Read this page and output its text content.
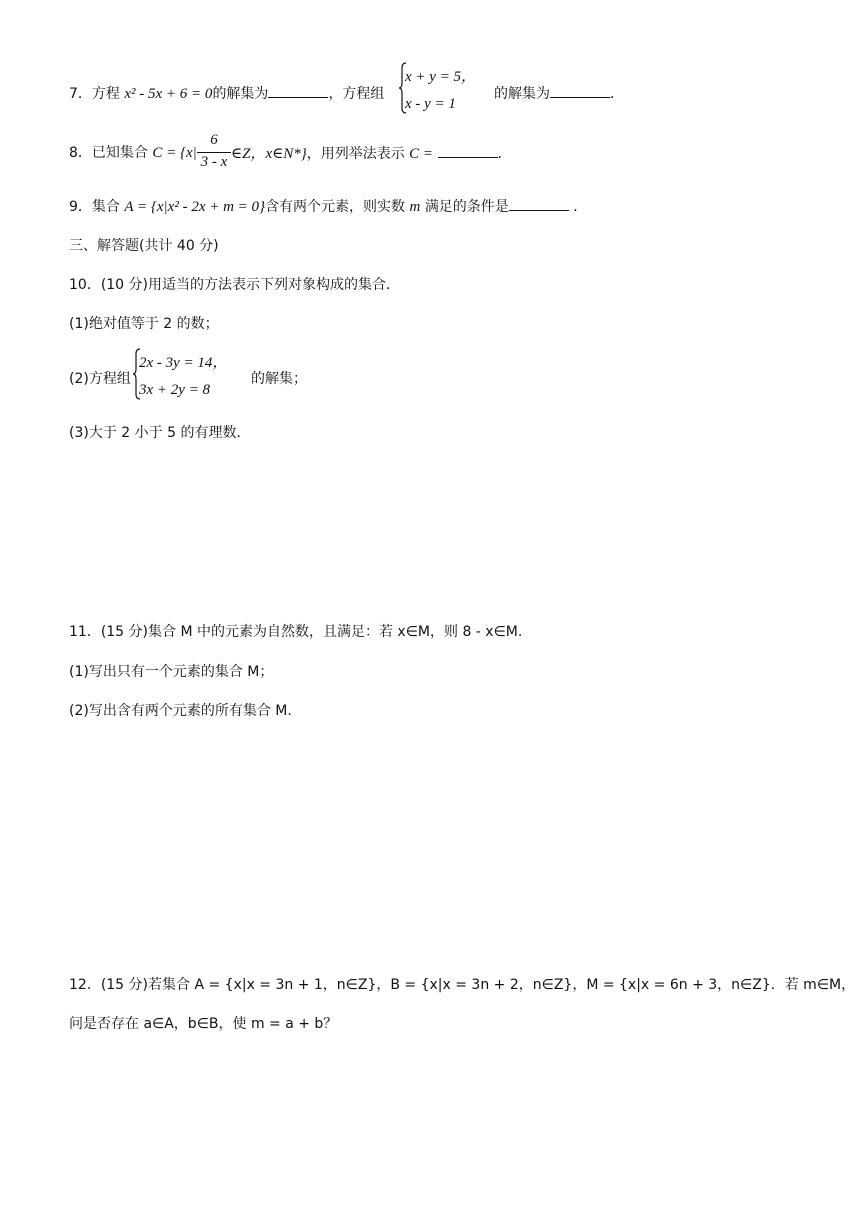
7．方程 x² - 5x + 6 = 0的解集为	，方程组
x + y = 5，
x - y = 1
的解集为	．
8．已知集合 C = {x|
6
3 - x ∈Z，x∈N*}，用列举法表示 C =	.
9．集合 A = {x|x² - 2x + m = 0}含有两个元素，则实数 m 满足的条件是	．
三、解答题(共计 40 分)
10．(10 分)用适当的方法表示下列对象构成的集合．
(1)绝对值等于 2 的数；
(2)方程组
2x - 3y = 14，
3x + 2y = 8
的解集；
(3)大于 2 小于 5 的有理数．
11．(15 分)集合 M 中的元素为自然数，且满足：若 x∈M，则 8 - x∈M.
(1)写出只有一个元素的集合 M；
(2)写出含有两个元素的所有集合 M.
12．(15 分)若集合 A = {x|x = 3n + 1，n∈Z}，B = {x|x = 3n + 2，n∈Z}，M = {x|x = 6n + 3，n∈Z}．若 m∈M，
问是否存在 a∈A，b∈B，使 m = a + b？
